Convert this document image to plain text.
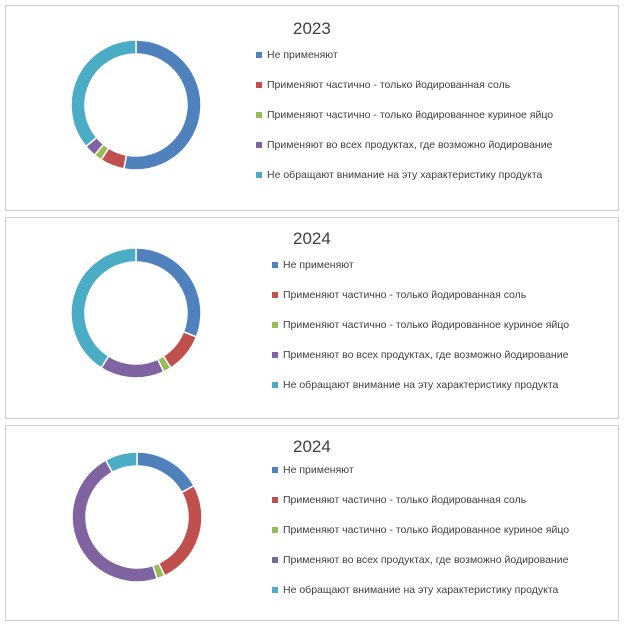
2023
Не применяют
Применяют частично - только йодированная соль
Применяют частично - только йодированное куриное яйцо
Применяют во всех продуктах, где возможно йодирование
Не обращают внимание на эту характеристику продукта
2024
Не применяют
Применяют частично - только йодированная соль
Применяют частично - только йодированное куриное яйцо
Применяют во всех продуктах, где возможно йодирование
Не обращают внимание на эту характеристику продукта
2024
Не применяют
Применяют частично - только йодированная соль
Применяют частично - только йодированное куриное яйцо
Применяют во всех продуктах, где возможно йодирование
Не обращают внимание на эту характеристику продукта
